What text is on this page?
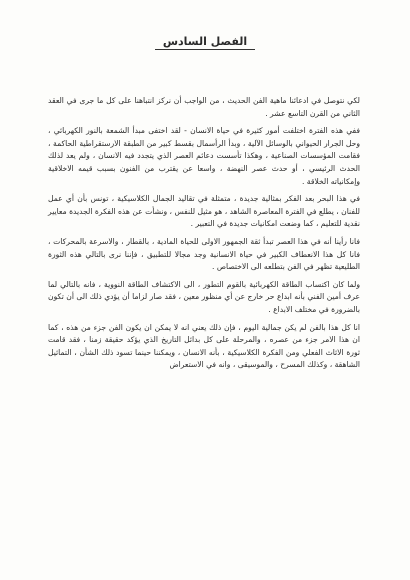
الفصل السادس

لكي نتوصل في ادعائنا ماهية الفن الحديث ، من الواجب أن نركز انتباهنا على كل ما جرى في العقد الثاني من القرن التاسع عشر .

ففي هذه الفترة اختلفت أمور كثيرة في حياة الانسان - لقد اختفى مبدأ الشمعة بالنور الكهربائي ، وحل الجرار الحيواني بالوسائل الآلية ، وبدأ الرأسمال بقسط كبير من الطبقة الارستقراطية الحاكمة ، فقامت المؤسسات الصناعية ، وهكذا تأسست دعائم العصر الذي يتجدد فيه الانسان ، ولم يعد لذلك الحدث الرئيسي ، أو حدث عصر النهضة ، واسعا عن يقترب من الفنون بسبب قيمه الاخلاقية وإمكانياته الخلاقة .

في هذا البحر بعد الفكر بمثالية جديدة ، متمثلة في تقاليد الجمال الكلاسيكية ، تونس بأن أي عمل للفنان ، يطلع في الفترة المعاصرة الشاهد ، هو مثيل للنفس ، ونشأت عن هذه الفكرة الجديدة معايير نقدية للتعليم ، كما وضعت امكانيات جديدة في التعبير .

فانا رأينا أنه في هذا العصر تبدأ ثقة الجمهور الاولى للحياة المادية ، بالقطار ، والاسرعة بالمحركات ، فانا كل هذا الانعطاف الكبير في حياة الانسانية وجد مجالا للتطبيق ، فإننا نرى بالتالي هذه الثورة الطليعية تظهر في الفن بتطلعه الى الاختصاص .

ولما كان اكتساب الطاقة الكهربائية بالقوم التطور ، الى الاكتشاف الطاقة النووية ، فانه بالتالي لما عرف أمين الفني بأنه ابداع حر خارج عن أي منظور معين ، فقد صار لزاما أن يؤدي ذلك الى أن تكون بالضرورة في مختلف الابداع .

انا كل هذا بالفن لم يكن جمالية اليوم ، فإن ذلك يعني انه لا يمكن ان يكون الفن جزء من هذه ، كما ان هذا الامر جزء من عصره ، والمرحلة على كل بدائل التاريخ الذي يؤكد حقيقة زمنا ، فقد قامت ثورة الاثاث الفعلي ومن الفكرة الكلاسيكية ، بأنه الانسان ، ويمكننا حينما تسود ذلك الشأن ، التماثيل الشاهقة ، وكذلك المسرح ، والموسيقى ، وانه في الاستعراض
